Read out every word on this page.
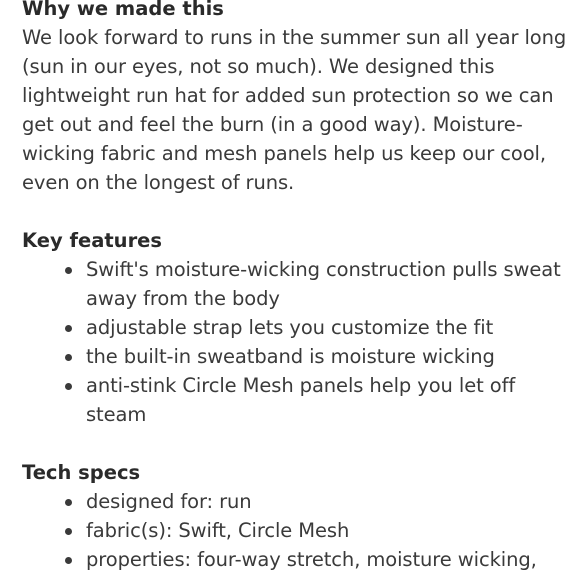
Why we made this

We look forward to runs in the summer sun all year long
(sun in our eyes, not so much). We designed this
lightweight run hat for added sun protection so we can
get out and feel the burn (in a good way). Moisture-
wicking fabric and mesh panels help us keep our cool,
even on the longest of runs.

Key features
Swift's moisture-wicking construction pulls sweat
away from the body
adjustable strap lets you customize the fit
the built-in sweatband is moisture wicking
anti-stink Circle Mesh panels help you let off
steam
Tech specs
designed for: run
fabric(s): Swift, Circle Mesh
properties: four-way stretch, moisture wicking,
